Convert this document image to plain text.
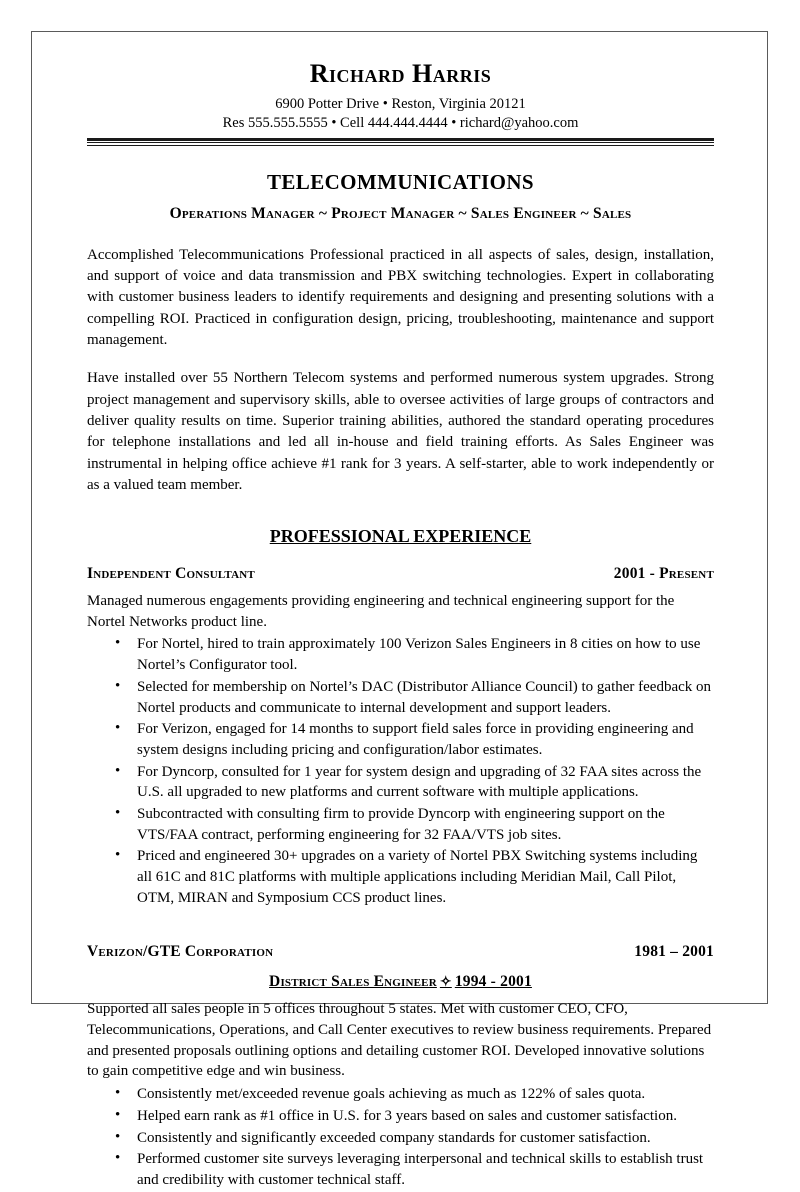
Richard Harris

6900 Potter Drive • Reston, Virginia 20121

Res 555.555.5555 • Cell 444.444.4444 • richard@yahoo.com

TELECOMMUNICATIONS
Operations Manager ~ Project Manager ~ Sales Engineer ~ Sales

Accomplished Telecommunications Professional practiced in all aspects of sales, design, installation, and support of voice and data transmission and PBX switching technologies. Expert in collaborating with customer business leaders to identify requirements and designing and presenting solutions with a compelling ROI. Practiced in configuration design, pricing, troubleshooting, maintenance and support management.

Have installed over 55 Northern Telecom systems and performed numerous system upgrades. Strong project management and supervisory skills, able to oversee activities of large groups of contractors and deliver quality results on time. Superior training abilities, authored the standard operating procedures for telephone installations and led all in-house and field training efforts. As Sales Engineer was instrumental in helping office achieve #1 rank for 3 years. A self-starter, able to work independently or as a valued team member.

PROFESSIONAL EXPERIENCE
Independent Consultant	2001 - Present

Managed numerous engagements providing engineering and technical engineering support for the Nortel Networks product line.

• For Nortel, hired to train approximately 100 Verizon Sales Engineers in 8 cities on how to use Nortel’s Configurator tool.
• Selected for membership on Nortel’s DAC (Distributor Alliance Council) to gather feedback on Nortel products and communicate to internal development and support leaders.
• For Verizon, engaged for 14 months to support field sales force in providing engineering and system designs including pricing and configuration/labor estimates.
• For Dyncorp, consulted for 1 year for system design and upgrading of 32 FAA sites across the U.S. all upgraded to new platforms and current software with multiple applications.
• Subcontracted with consulting firm to provide Dyncorp with engineering support on the VTS/FAA contract, performing engineering for 32 FAA/VTS job sites.
• Priced and engineered 30+ upgrades on a variety of Nortel PBX Switching systems including all 61C and 81C platforms with multiple applications including Meridian Mail, Call Pilot, OTM, MIRAN and Symposium CCS product lines.
Verizon/GTE Corporation	1981 – 2001
District Sales Engineer ✧ 1994 - 2001

Supported all sales people in 5 offices throughout 5 states. Met with customer CEO, CFO, Telecommunications, Operations, and Call Center executives to review business requirements. Prepared and presented proposals outlining options and detailing customer ROI. Developed innovative solutions to gain competitive edge and win business.

• Consistently met/exceeded revenue goals achieving as much as 122% of sales quota.
• Helped earn rank as #1 office in U.S. for 3 years based on sales and customer satisfaction.
• Consistently and significantly exceeded company standards for customer satisfaction.
• Performed customer site surveys leveraging interpersonal and technical skills to establish trust and credibility with customer technical staff.
